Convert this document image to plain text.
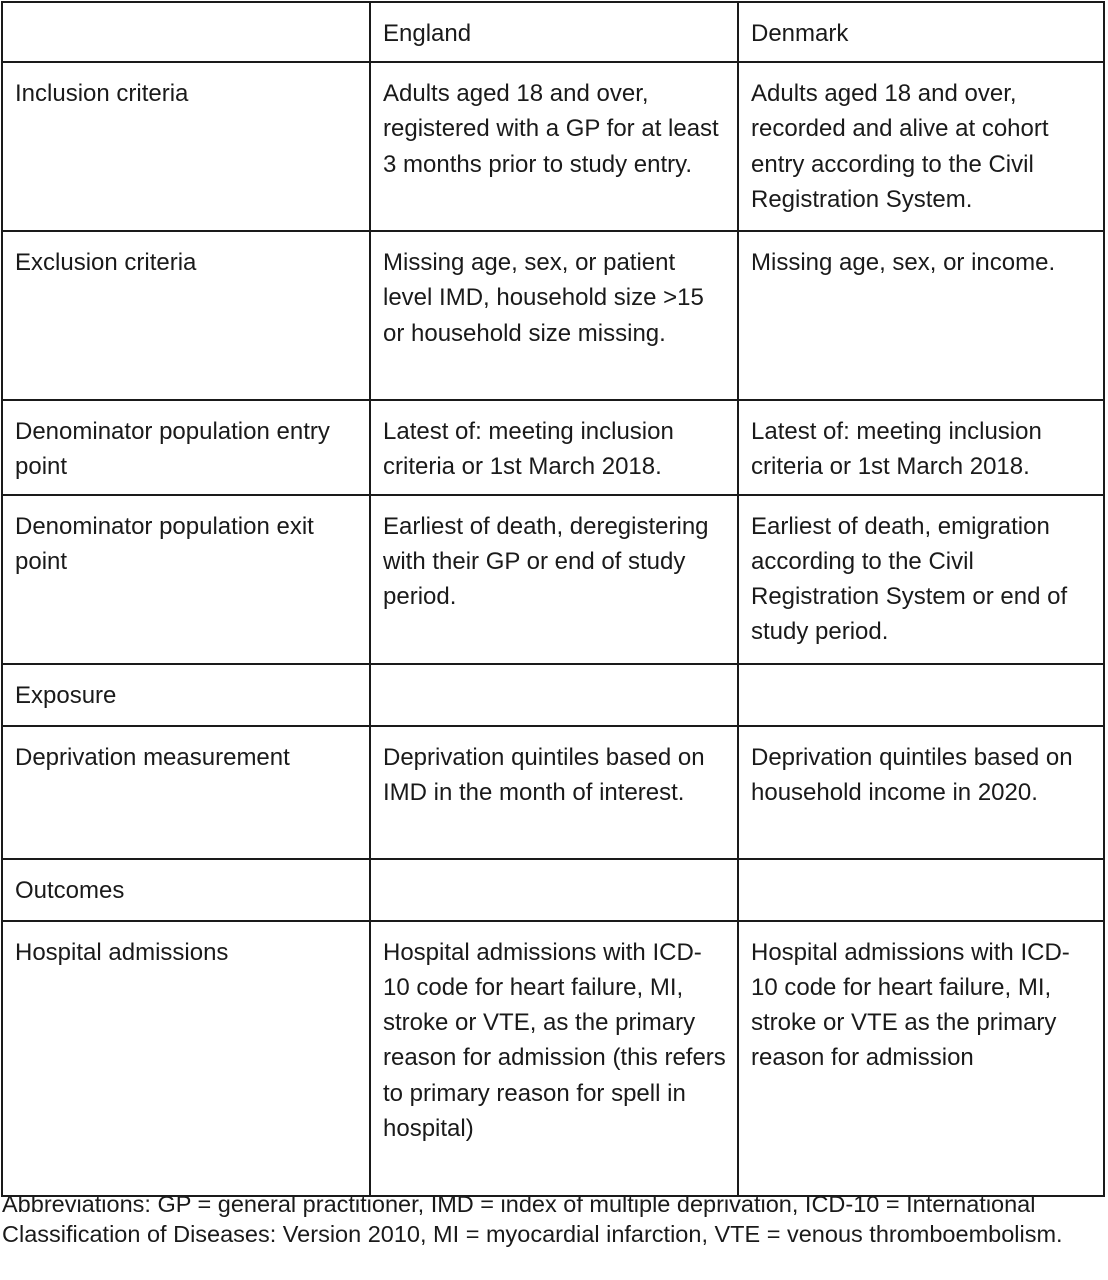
	England	Denmark
Inclusion criteria	Adults aged 18 and over, registered with a GP for at least 3 months prior to study entry.	Adults aged 18 and over, recorded and alive at cohort entry according to the Civil Registration System.
Exclusion criteria	Missing age, sex, or patient level IMD, household size >15 or household size missing.	Missing age, sex, or income.
Denominator population entry point	Latest of: meeting inclusion criteria or 1st March 2018.	Latest of: meeting inclusion criteria or 1st March 2018.
Denominator population exit point	Earliest of death, deregistering with their GP or end of study period.	Earliest of death, emigration according to the Civil Registration System or end of study period.
Exposure		
Deprivation measurement	Deprivation quintiles based on IMD in the month of interest.	Deprivation quintiles based on household income in 2020.
Outcomes		
Hospital admissions	Hospital admissions with ICD-10 code for heart failure, MI, stroke or VTE, as the primary reason for admission (this refers to primary reason for spell in hospital)	Hospital admissions with ICD-10 code for heart failure, MI, stroke or VTE as the primary reason for admission

Abbreviations: GP = general practitioner, IMD = index of multiple deprivation, ICD-10 = International Classification of Diseases: Version 2010, MI = myocardial infarction, VTE = venous thromboembolism.
